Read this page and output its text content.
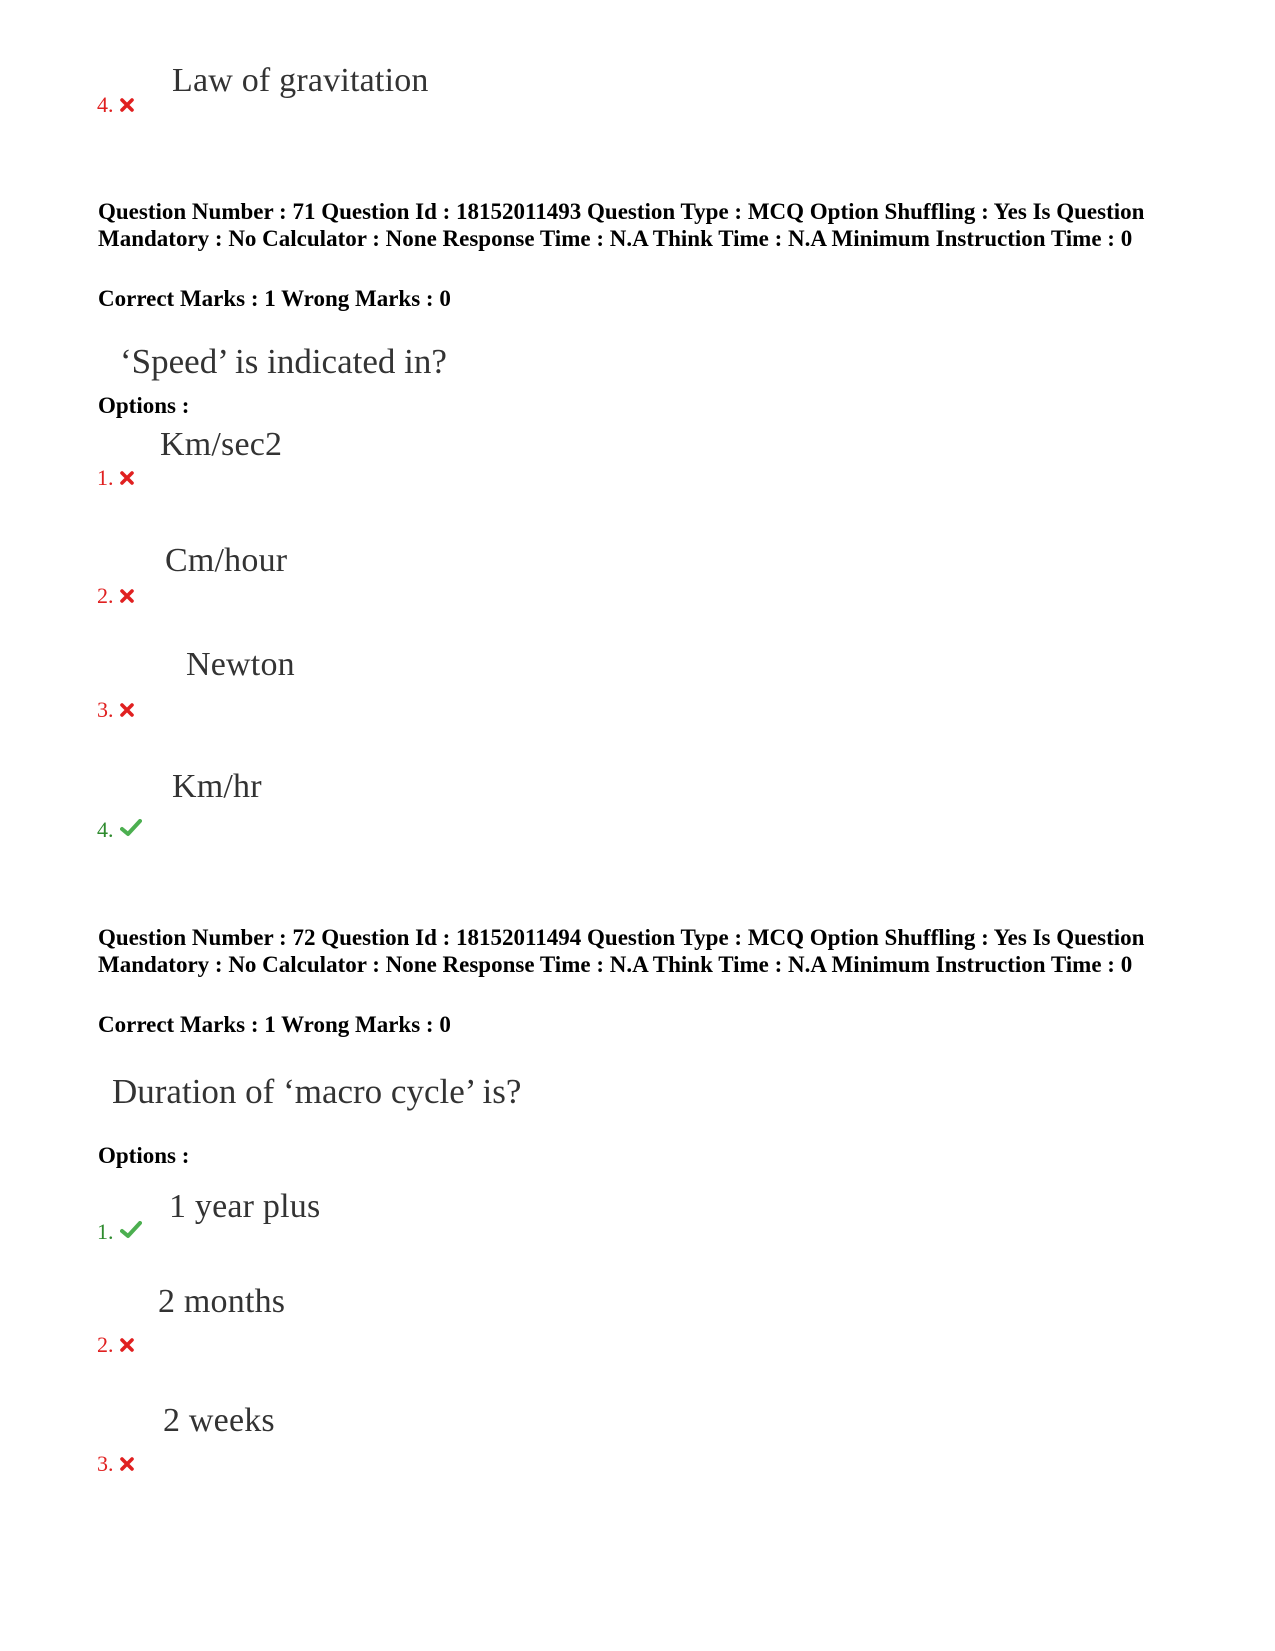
Law of gravitation
4.
Question Number : 71 Question Id : 18152011493 Question Type : MCQ Option Shuffling : Yes Is Question Mandatory : No Calculator : None Response Time : N.A Think Time : N.A Minimum Instruction Time : 0
Correct Marks : 1 Wrong Marks : 0
‘Speed’ is indicated in?
Options :
Km/sec2
1.
Cm/hour
2.
Newton
3.
Km/hr
4.
Question Number : 72 Question Id : 18152011494 Question Type : MCQ Option Shuffling : Yes Is Question Mandatory : No Calculator : None Response Time : N.A Think Time : N.A Minimum Instruction Time : 0
Correct Marks : 1 Wrong Marks : 0
Duration of ‘macro cycle’ is?
Options :
1 year plus
1.
2 months
2.
2 weeks
3.
